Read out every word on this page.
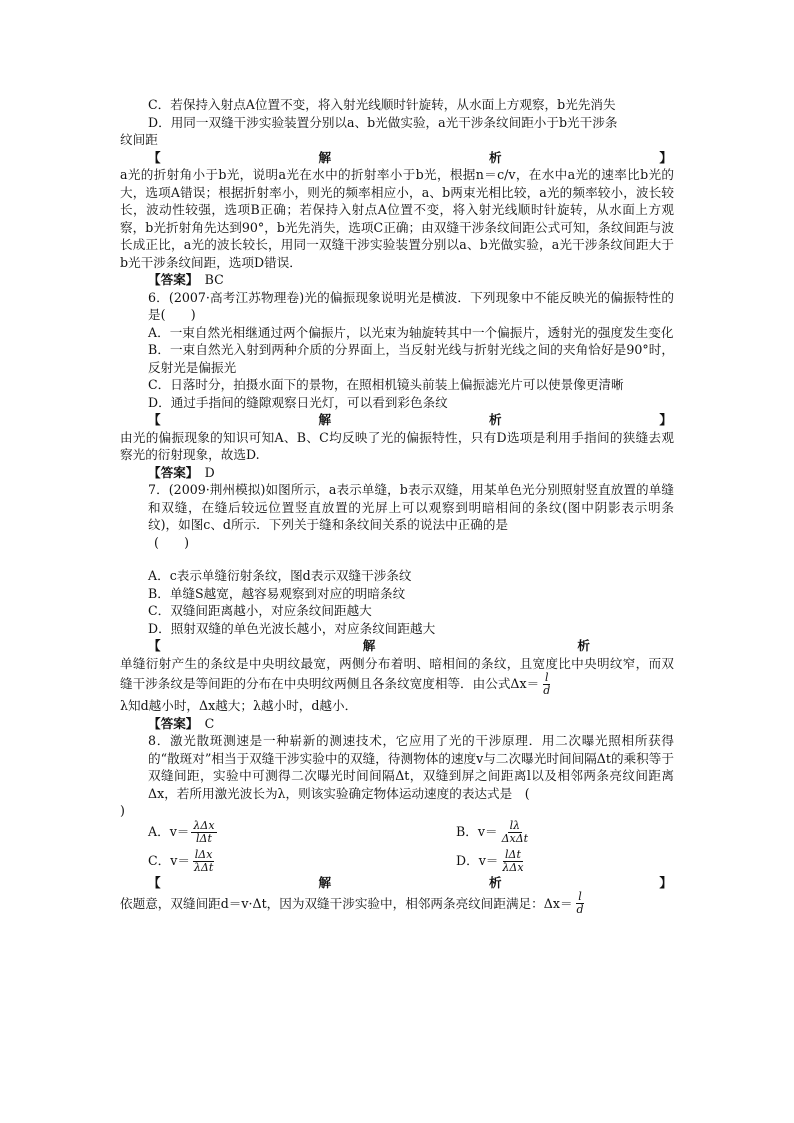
C．若保持入射点A位置不变，将入射光线顺时针旋转，从水面上方观察，b光先消失

D．用同一双缝干涉实验装置分别以a、b光做实验，a光干涉条纹间距小于b光干涉条

纹间距

【	解	析	】

a光的折射角小于b光，说明a光在水中的折射率小于b光，根据n＝c/v，在水中a光的速率比b光的大，选项A错误；根据折射率小，则光的频率相应小，a、b两束光相比较，a光的频率较小，波长较长，波动性较强，选项B正确；若保持入射点A位置不变，将入射光线顺时针旋转，从水面上方观察，b光折射角先达到90°，b光先消失，选项C正确；由双缝干涉条纹间距公式可知，条纹间距与波长成正比，a光的波长较长，用同一双缝干涉实验装置分别以a、b光做实验，a光干涉条纹间距大于b光干涉条纹间距，选项D错误．

【答案】　 BC

6．(2007·高考江苏物理卷)光的偏振现象说明光是横波．下列现象中不能反映光的偏振特性的是(　　)

A．一束自然光相继通过两个偏振片，以光束为轴旋转其中一个偏振片，透射光的强度发生变化

B．一束自然光入射到两种介质的分界面上，当反射光线与折射光线之间的夹角恰好是90°时，反射光是偏振光

C．日落时分，拍摄水面下的景物，在照相机镜头前装上偏振滤光片可以使景像更清晰

D．通过手指间的缝隙观察日光灯，可以看到彩色条纹

【	解	析	】

由光的偏振现象的知识可知A、B、C均反映了光的偏振特性，只有D选项是利用手指间的狭缝去观察光的衍射现象，故选D.

【答案】　 D

7．(2009·荆州模拟)如图所示，a表示单缝，b表示双缝，用某单色光分别照射竖直放置的单缝和双缝，在缝后较远位置竖直放置的光屏上可以观察到明暗相间的条纹(图中阴影表示明条纹)，如图c、d所示．下列关于缝和条纹间关系的说法中正确的是

(　　)

A．c表示单缝衍射条纹，图d表示双缝干涉条纹

B．单缝S越宽，越容易观察到对应的明暗条纹

C．双缝间距离越小，对应条纹间距越大

D．照射双缝的单色光波长越小，对应条纹间距越大

【	解	析

单缝衍射产生的条纹是中央明纹最宽，两侧分布着明、暗相间的条纹，且宽度比中央明纹窄，而双缝干涉条纹是等间距的分布在中央明纹两侧且各条纹宽度相等．由公式$\Delta x= \frac{l}{d}$

λ知d越小时，Δx越大；λ越小时，d越小．

【答案】　 C

8．激光散斑测速是一种崭新的测速技术，它应用了光的干涉原理．用二次曝光照相所获得的“散斑对”相当于双缝干涉实验中的双缝，待测物体的速度v与二次曝光时间间隔Δt的乘积等于双缝间距，实验中可测得二次曝光时间间隔Δt，双缝到屏之间距离l以及相邻两条亮纹间距离Δx，若所用激光波长为λ，则该实验确定物体运动速度的表达式是　(

)

A．$v= \frac{\text{λΔx}}{\text{lΔt}}$	B．$v= \frac{l\lambda}{\text{ΔxΔt}}$
C．$v= \frac{\text{lΔx}}{\text{λΔt}}$	D．$v= \frac{\text{lΔt}}{\text{λΔx}}$
【	解	析	】

依题意，双缝间距d＝v·Δt，因为双缝干涉实验中，相邻两条亮纹间距满足：$\Delta x= \frac{l}{d}$
